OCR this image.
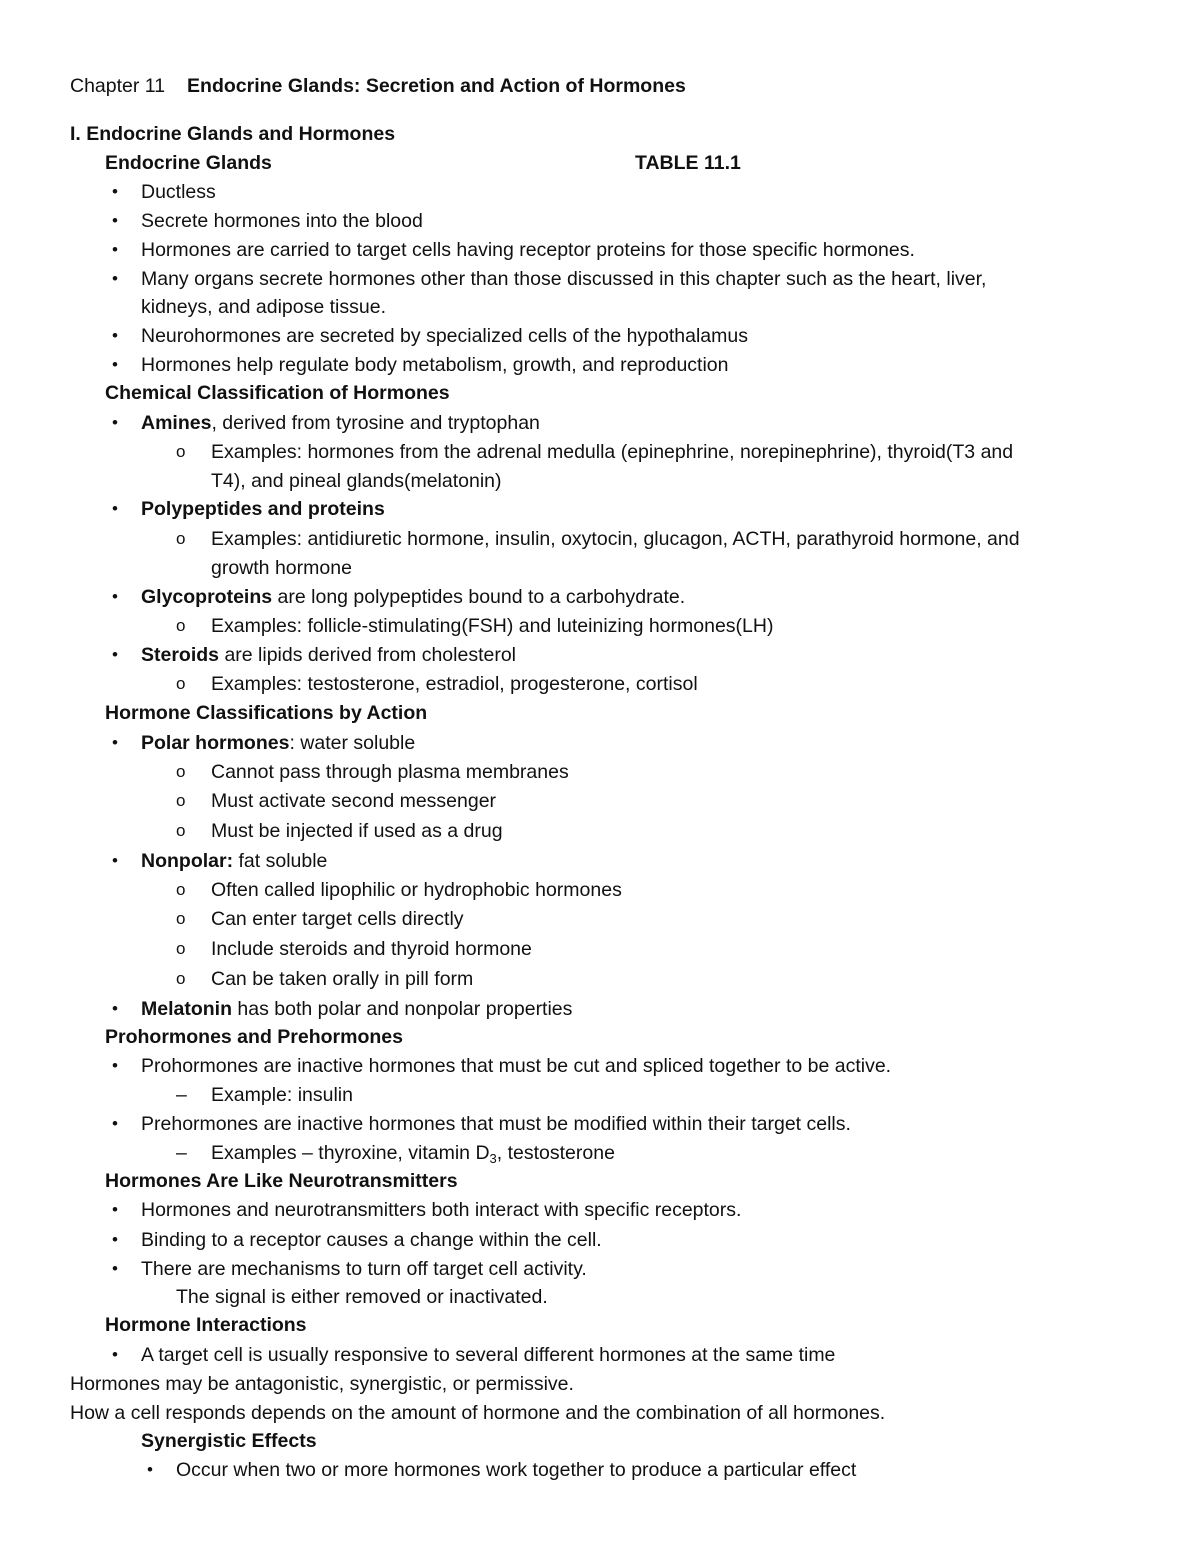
Chapter 11 Endocrine Glands: Secretion and Action of Hormones
I. Endocrine Glands and Hormones
Endocrine Glands	TABLE 11.1
• Ductless
• Secrete hormones into the blood
• Hormones are carried to target cells having receptor proteins for those specific hormones.
• Many organs secrete hormones other than those discussed in this chapter such as the heart, liver,
kidneys, and adipose tissue.
• Neurohormones are secreted by specialized cells of the hypothalamus
• Hormones help regulate body metabolism, growth, and reproduction
Chemical Classification of Hormones
• Amines, derived from tyrosine and tryptophan
o Examples: hormones from the adrenal medulla (epinephrine, norepinephrine), thyroid(T3 and
T4), and pineal glands(melatonin)
• Polypeptides and proteins
o Examples: antidiuretic hormone, insulin, oxytocin, glucagon, ACTH, parathyroid hormone, and
growth hormone
• Glycoproteins are long polypeptides bound to a carbohydrate.
o Examples: follicle-stimulating(FSH) and luteinizing hormones(LH)
• Steroids are lipids derived from cholesterol
o Examples: testosterone, estradiol, progesterone, cortisol
Hormone Classifications by Action
• Polar hormones: water soluble
o Cannot pass through plasma membranes
o Must activate second messenger
o Must be injected if used as a drug
• Nonpolar: fat soluble
o Often called lipophilic or hydrophobic hormones
o Can enter target cells directly
o Include steroids and thyroid hormone
o Can be taken orally in pill form
• Melatonin has both polar and nonpolar properties
Prohormones and Prehormones
• Prohormones are inactive hormones that must be cut and spliced together to be active.
– Example: insulin
• Prehormones are inactive hormones that must be modified within their target cells.
– Examples – thyroxine, vitamin $D_3$, testosterone
Hormones Are Like Neurotransmitters
• Hormones and neurotransmitters both interact with specific receptors.
• Binding to a receptor causes a change within the cell.
• There are mechanisms to turn off target cell activity.
The signal is either removed or inactivated.
Hormone Interactions
• A target cell is usually responsive to several different hormones at the same time
Hormones may be antagonistic, synergistic, or permissive.
How a cell responds depends on the amount of hormone and the combination of all hormones.
Synergistic Effects
• Occur when two or more hormones work together to produce a particular effect
